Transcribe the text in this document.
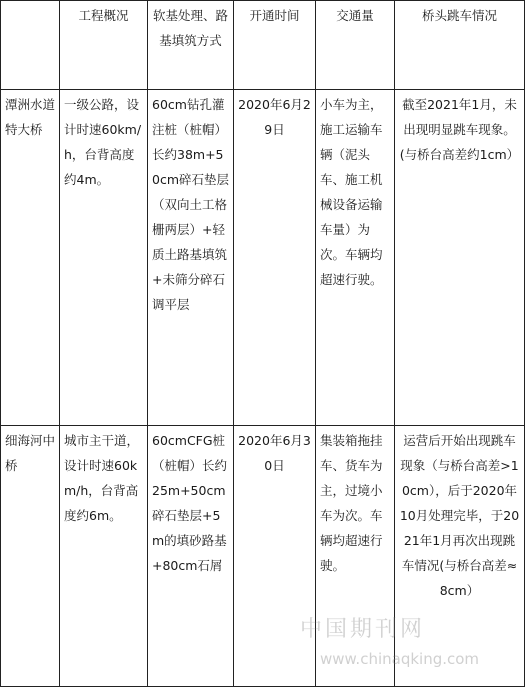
	工程概况	软基处理、路基填筑方式	开通时间	交通量	桥头跳车情况
潭洲水道特大桥	一级公路，设计时速60km/h，台背高度约4m。	60cm钻孔灌注桩（桩帽）长约38m+50cm碎石垫层（双向土工格栅两层）+轻质土路基填筑+未筛分碎石调平层	2020年6月29日	小车为主，施工运输车辆（泥头车、施工机械设备运输车量）为次。车辆均超速行驶。	截至2021年1月，未出现明显跳车现象。(与桥台高差约1cm）
细海河中桥	城市主干道，设计时速60km/h，台背高度约6m。	60cmCFG桩（桩帽）长约25m+50cm碎石垫层+5m的填砂路基+80cm石屑	2020年6月30日	集装箱拖挂车、货车为主，过境小车为次。车辆均超速行驶。	运营后开始出现跳车现象（与桥台高差>10cm），后于2020年10月处理完毕，于2021年1月再次出现跳车情况(与桥台高差≈8cm）
中国期刊网
www.chinaqking.com
